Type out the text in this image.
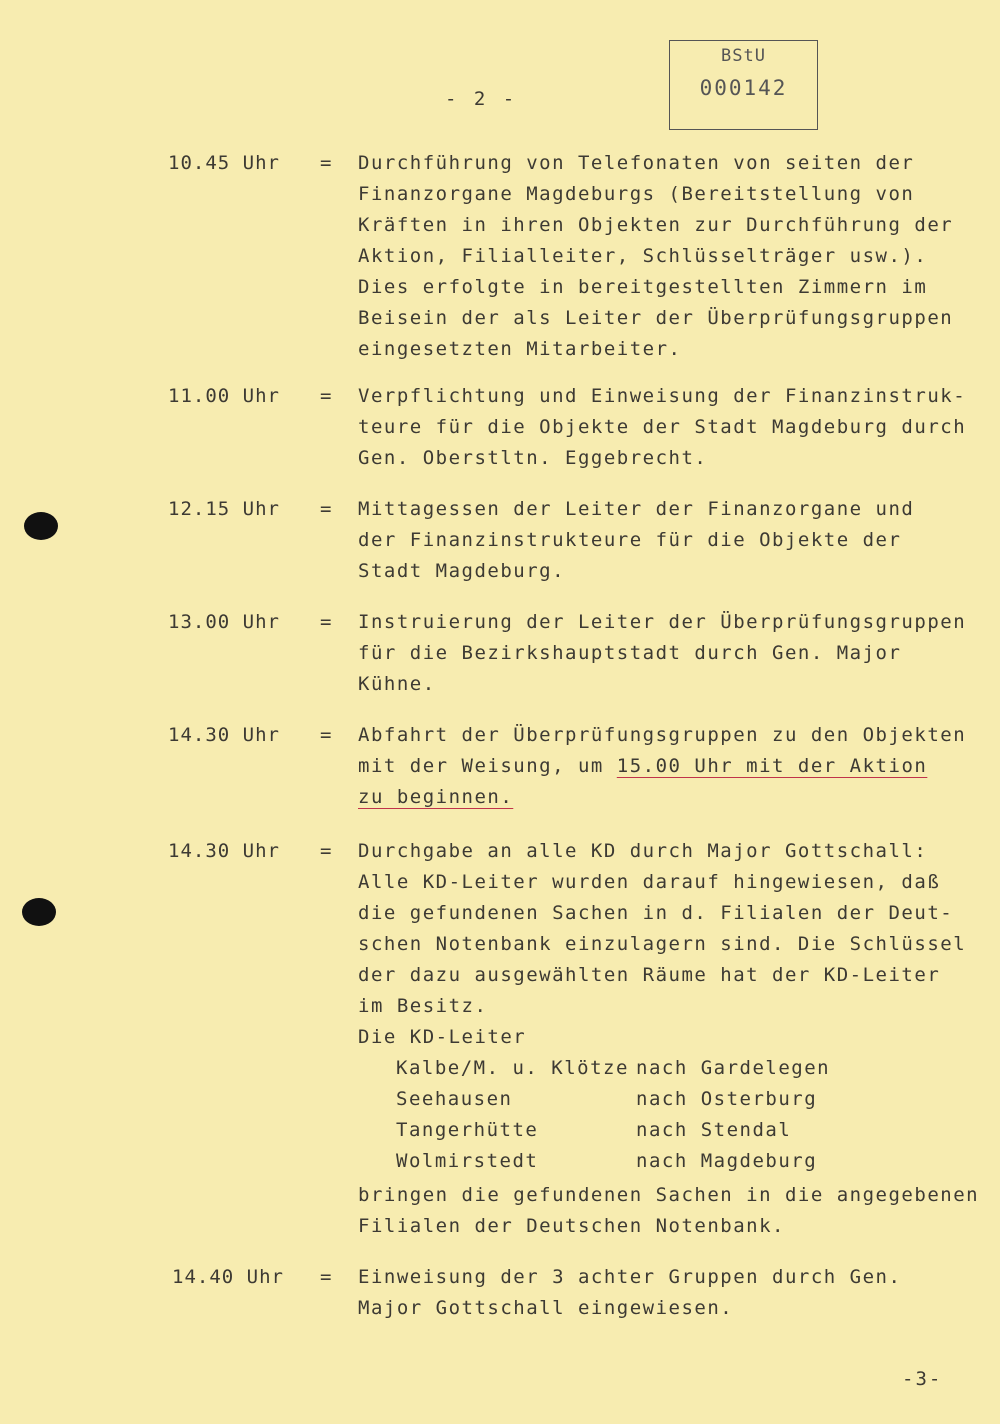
- 2 -
BStU
000142
10.45 Uhr = Durchführung von Telefonaten von seiten der
Finanzorgane Magdeburgs (Bereitstellung von
Kräften in ihren Objekten zur Durchführung der
Aktion, Filialleiter, Schlüsselträger usw.).
Dies erfolgte in bereitgestellten Zimmern im
Beisein der als Leiter der Überprüfungsgruppen
eingesetzten Mitarbeiter.
11.00 Uhr = Verpflichtung und Einweisung der Finanzinstruk-
teure für die Objekte der Stadt Magdeburg durch
Gen. Oberstltn. Eggebrecht.
12.15 Uhr = Mittagessen der Leiter der Finanzorgane und
der Finanzinstrukteure für die Objekte der
Stadt Magdeburg.
13.00 Uhr = Instruierung der Leiter der Überprüfungsgruppen
für die Bezirkshauptstadt durch Gen. Major
Kühne.
14.30 Uhr = Abfahrt der Überprüfungsgruppen zu den Objekten
mit der Weisung, um 15.00 Uhr mit der Aktion
zu beginnen.
14.30 Uhr = Durchgabe an alle KD durch Major Gottschall:
Alle KD-Leiter wurden darauf hingewiesen, daß
die gefundenen Sachen in d. Filialen der Deut-
schen Notenbank einzulagern sind. Die Schlüssel
der dazu ausgewählten Räume hat der KD-Leiter
im Besitz.
Die KD-Leiter
Kalbe/M. u. Klötze nach Gardelegen
Seehausen	nach Osterburg
Tangerhütte	nach Stendal
Wolmirstedt	nach Magdeburg
bringen die gefundenen Sachen in die angegebenen
Filialen der Deutschen Notenbank.
14.40 Uhr = Einweisung der 3 achter Gruppen durch Gen.
Major Gottschall eingewiesen.
-3-
